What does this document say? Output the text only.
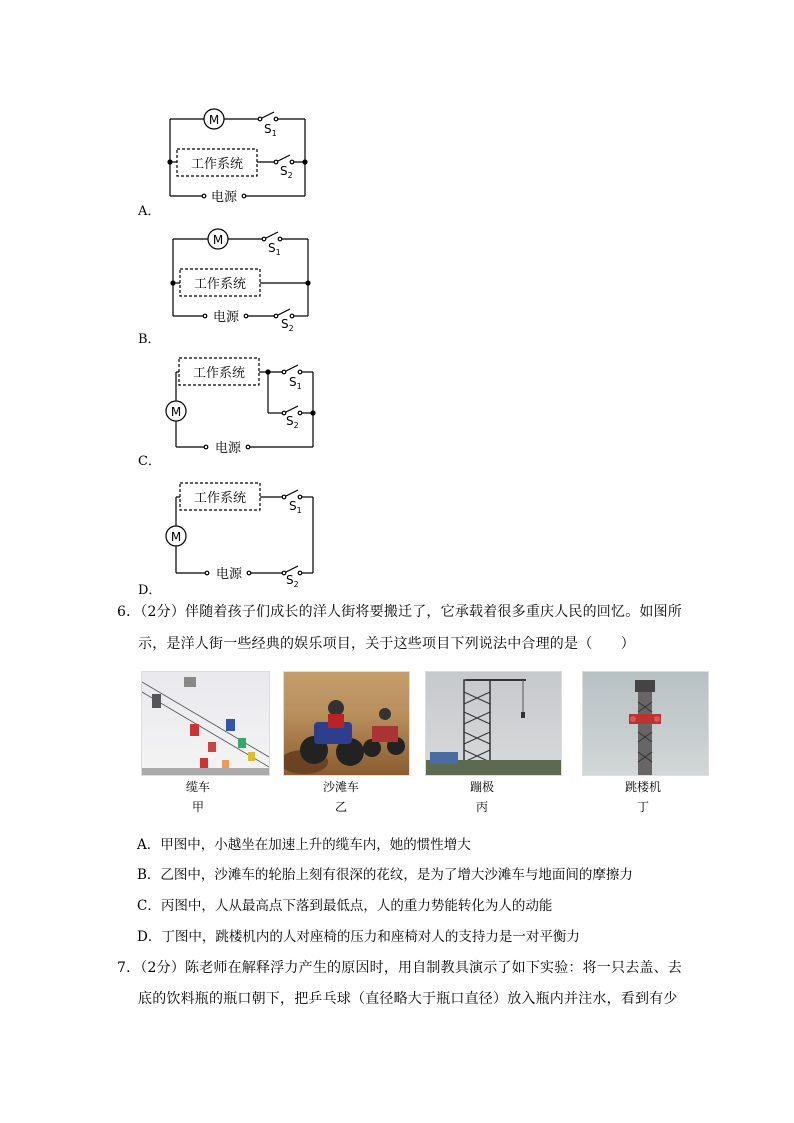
M
$S_1$
工作系统	$S_2$
电源
M
$S_1$
工作系统
电源	$S_2$
工作系统
M
$S_1$
$S_2$
电源
工作系统
M
$S_1$
电源	$S_2$
A．
B．
C．
D．
6．（2分）伴随着孩子们成长的洋人街将要搬迁了，它承载着很多重庆人民的回忆。如图所
示，是洋人街一些经典的娱乐项目，关于这些项目下列说法中合理的是（　　）
缆车
甲
沙滩车
乙
蹦极
丙
跳楼机
丁
A．甲图中，小越坐在加速上升的缆车内，她的惯性增大
B．乙图中，沙滩车的轮胎上刻有很深的花纹，是为了增大沙滩车与地面间的摩擦力
C．丙图中，人从最高点下落到最低点，人的重力势能转化为人的动能
D．丁图中，跳楼机内的人对座椅的压力和座椅对人的支持力是一对平衡力
7．（2分）陈老师在解释浮力产生的原因时，用自制教具演示了如下实验：将一只去盖、去
底的饮料瓶的瓶口朝下，把乒乓球（直径略大于瓶口直径）放入瓶内并注水，看到有少
